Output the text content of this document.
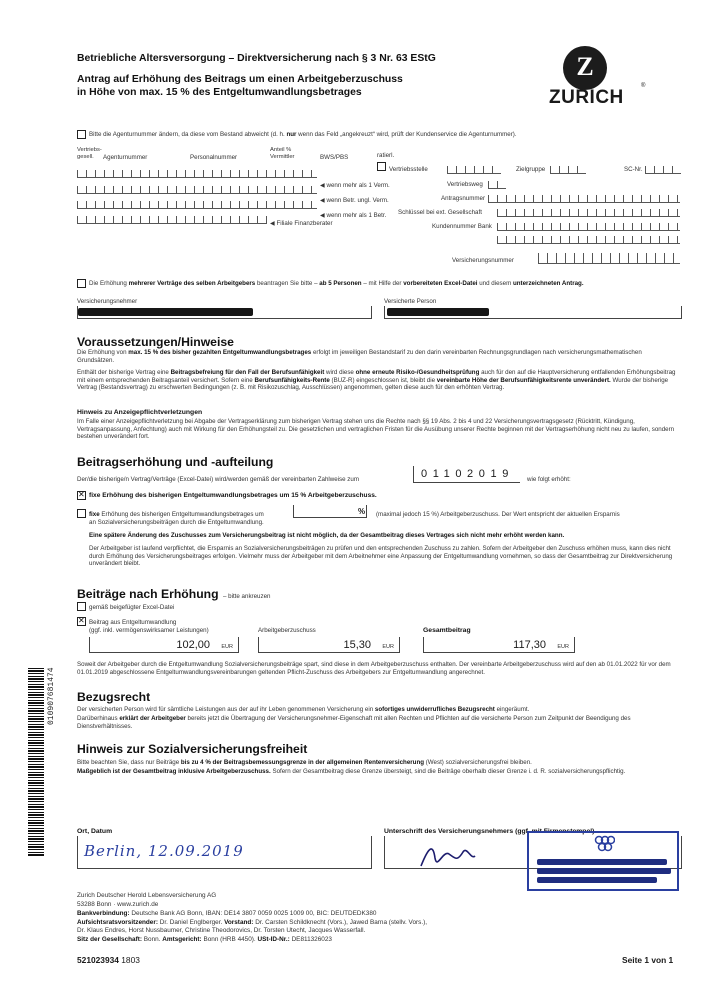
Betriebliche Altersversorgung – Direktversicherung nach § 3 Nr. 63 EStG
Antrag auf Erhöhung des Beitrags um einen Arbeitgeberzuschuss
in Höhe von max. 15 % des Entgeltumwandlungsbetrages
Z
ZURICH
®
Bitte die Agenturnummer ändern, da diese vom Bestand abweicht (d. h. nur wenn das Feld „angekreuzt“ wird, prüft der Kundenservice die Agenturnummer).
Vertriebs-
gesell.	Agenturnummer	Personalnummer
Anteil %
Vermittler	BWS/PBS	ratierl.
◀ wenn mehr als 1 Verm.
◀ wenn Betr. ungl. Verm.
◀ wenn mehr als 1 Betr.
◀ Filiale Finanzberater
Vertriebsstelle	Zielgruppe	SC-Nr.
Vertriebsweg
Antragsnummer
Schlüssel bei ext. Gesellschaft
Kundennummer Bank
Versicherungsnummer
Die Erhöhung mehrerer Verträge des selben Arbeitgebers beantragen Sie bitte – ab 5 Personen – mit Hilfe der vorbereiteten Excel-Datei und diesem unterzeichneten Antrag.
Versicherungsnehmer	Versicherte Person
Voraussetzungen/Hinweise
Die Erhöhung von max. 15 % des bisher gezahlten Entgeltumwandlungsbetrages erfolgt im jeweiligen Bestandstarif zu den darin vereinbarten Rechnungsgrundlagen nach versicherungsmathematischen Grundsätzen.
Enthält der bisherige Vertrag eine Beitragsbefreiung für den Fall der Berufsunfähigkeit wird diese ohne erneute Risiko-/Gesundheitsprüfung auch für den auf die Hauptversicherung entfallenden Erhöhungsbeitrag mit einem entsprechenden Beitragsanteil versichert. Sofern eine Berufsunfähigkeits-Rente (BUZ-R) eingeschlossen ist, bleibt die vereinbarte Höhe der Berufsunfähigkeitsrente unverändert. Wurde der bisherige Vertrag (Bestandsvertrag) zu erschwerten Bedingungen (z. B. mit Risikozuschlag, Ausschlüssen) angenommen, gelten diese auch für den erhöhten Vertrag.
Hinweis zu Anzeigepflichtverletzungen
Im Falle einer Anzeigepflichtverletzung bei Abgabe der Vertragserklärung zum bisherigen Vertrag stehen uns die Rechte nach §§ 19 Abs. 2 bis 4 und 22 Versicherungsvertragsgesetz (Rücktritt, Kündigung, Vertragsanpassung, Anfechtung) auch mit Wirkung für den Erhöhungsteil zu. Die gesetzlichen und vertraglichen Fristen für die Ausübung unserer Rechte beginnen mit der Vertragserhöhung nicht neu zu laufen, sondern bestehen unverändert fort.
Beitragserhöhung und -aufteilung
Der/die bisherige/n Vertrag/Verträge (Excel-Datei) wird/werden gemäß der vereinbarten Zahlweise zum	01102019 wie folgt erhöht:
✕
fixe Erhöhung des bisherigen Entgeltumwandlungsbetrages um 15 % Arbeitgeberzuschuss.
fixe Erhöhung des bisherigen Entgeltumwandlungsbetrages um	% (maximal jedoch 15 %) Arbeitgeberzuschuss. Der Wert entspricht der aktuellen Ersparnis
an Sozialversicherungsbeiträgen durch die Entgeltumwandlung.
Eine spätere Änderung des Zuschusses zum Versicherungsbeitrag ist nicht möglich, da der Gesamtbeitrag dieses Vertrages sich nicht mehr erhöht werden kann.
Der Arbeitgeber ist laufend verpflichtet, die Ersparnis an Sozialversicherungsbeiträgen zu prüfen und den entsprechenden Zuschuss zu zahlen. Sofern der Arbeitgeber den Zuschuss erhöhen muss, kann dies nicht durch Erhöhung des Versicherungsbeitrages erfolgen. Vielmehr muss der Arbeitgeber mit dem Arbeitnehmer eine Anpassung der Entgeltumwandlung vornehmen, so dass der Gesamtbeitrag zur Direktversicherung unverändert bleibt.
Beiträge nach Erhöhung – bitte ankreuzen
gemäß beigefügter Excel-Datei
✕
Beitrag aus Entgeltumwandlung
(ggf. inkl. vermögenswirksamer Leistungen)	Arbeitgeberzuschuss	Gesamtbeitrag
102,00 EUR	15,30 EUR	117,30 EUR
Soweit der Arbeitgeber durch die Entgeltumwandlung Sozialversicherungsbeiträge spart, sind diese in dem Arbeitgeberzuschuss enthalten. Der vereinbarte Arbeitgeberzuschuss wird auf den ab 01.01.2022 für vor dem 01.01.2019 abgeschlossene Entgeltumwandlungsvereinbarungen geltenden Pflicht-Zuschuss des Arbeitgebers zur Entgeltumwandlung angerechnet.
Bezugsrecht
Der versicherten Person wird für sämtliche Leistungen aus der auf ihr Leben genommenen Versicherung ein sofortiges unwiderrufliches Bezugsrecht eingeräumt.
Darüberhinaus erklärt der Arbeitgeber bereits jetzt die Übertragung der Versicherungsnehmer-Eigenschaft mit allen Rechten und Pflichten auf die versicherte Person zum Zeitpunkt der Beendigung des Dienstverhältnisses.
Hinweis zur Sozialversicherungsfreiheit
Bitte beachten Sie, dass nur Beiträge bis zu 4 % der Beitragsbemessungsgrenze in der allgemeinen Rentenversicherung (West) sozialversicherungsfrei bleiben.
Maßgeblich ist der Gesamtbeitrag inklusive Arbeitgeberzuschuss. Sofern der Gesamtbeitrag diese Grenze übersteigt, sind die Beiträge oberhalb dieser Grenze i. d. R. sozialversicherungspflichtig.
Ort, Datum
Berlin, 12.09.2019
Unterschrift des Versicherungsnehmers (ggf. mit Firmenstempel)
Zurich Deutscher Herold Lebensversicherung AG
53288 Bonn · www.zurich.de
Bankverbindung: Deutsche Bank AG Bonn, IBAN: DE14 3807 0059 0025 1009 00, BIC: DEUTDEDK380
Aufsichtsratsvorsitzender: Dr. Daniel Englberger. Vorstand: Dr. Carsten Schildknecht (Vors.), Jawed Barna (stellv. Vors.),
Dr. Klaus Endres, Horst Nussbaumer, Christine Theodorovics, Dr. Torsten Utecht, Jacques Wasserfall.
Sitz der Gesellschaft: Bonn. Amtsgericht: Bonn (HRB 4450). USt-ID-Nr.: DE811326023
521023934 1803	Seite 1 von 1
010907681474
